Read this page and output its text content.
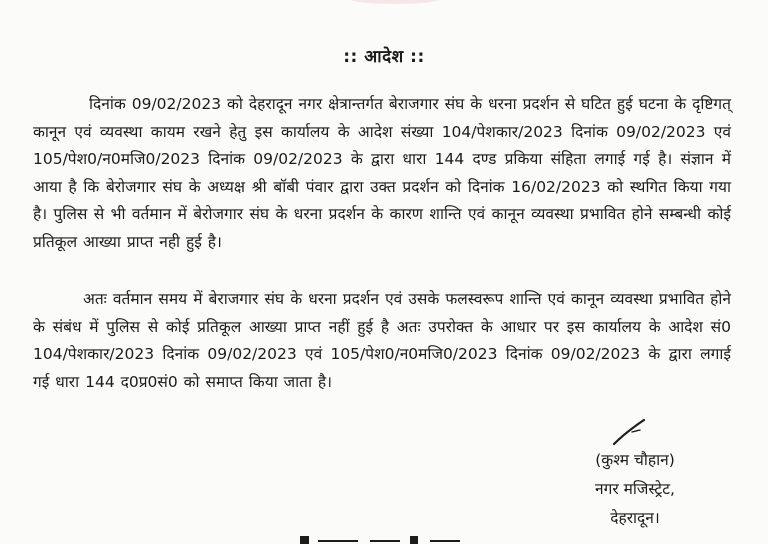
:: आदेश ::

दिनांक 09/02/2023 को देहरादून नगर क्षेत्रान्तर्गत बेराजगार संघ के धरना प्रदर्शन से घटित हुई घटना के दृष्टिगत् कानून एवं व्यवस्था कायम रखने हेतु इस कार्यालय के आदेश संख्या 104/पेशकार/2023 दिनांक 09/02/2023 एवं 105/पेश0/न0मजि0/2023 दिनांक 09/02/2023 के द्वारा धारा 144 दण्ड प्रकिया संहिता लगाई गई है। संज्ञान में आया है कि बेरोजगार संघ के अध्यक्ष श्री बॉबी पंवार द्वारा उक्त प्रदर्शन को दिनांक 16/02/2023 को स्थगित किया गया है। पुलिस से भी वर्तमान में बेरोजगार संघ के धरना प्रदर्शन के कारण शान्ति एवं कानून व्यवस्था प्रभावित होने सम्बन्धी कोई प्रतिकूल आख्या प्राप्त नही हुई है।

अतः वर्तमान समय में बेराजगार संघ के धरना प्रदर्शन एवं उसके फलस्वरूप शान्ति एवं कानून व्यवस्था प्रभावित होने के संबंध में पुलिस से कोई प्रतिकूल आख्या प्राप्त नहीं हुई है अतः उपरोक्त के आधार पर इस कार्यालय के आदेश सं0 104/पेशकार/2023 दिनांक 09/02/2023 एवं 105/पेश0/न0मजि0/2023 दिनांक 09/02/2023 के द्वारा लगाई गई धारा 144 द0प्र0सं0 को समाप्त किया जाता है।

(कुश्म चौहान)
नगर मजिस्ट्रेट,
देहरादून।
